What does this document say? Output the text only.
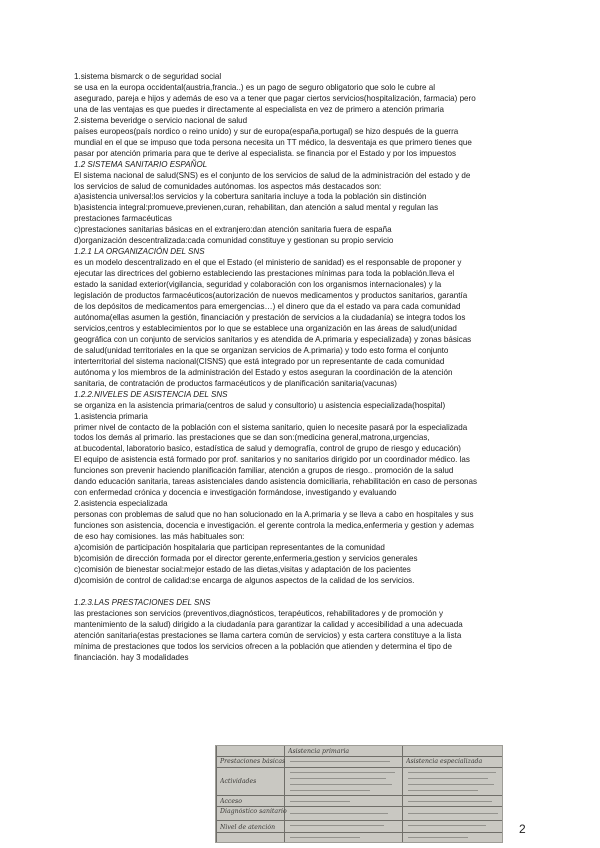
1.sistema bismarck o de seguridad social

se usa en la europa occidental(austria,francia..) es un pago de seguro obligatorio que solo le cubre al

asegurado, pareja e hijos y además de eso va a tener que pagar ciertos servicios(hospitalización, farmacia) pero

una de las ventajas es que puedes ir directamente al especialista en vez de primero a atención primaria

2.sistema beveridge o servicio nacional de salud

países europeos(país nordico o reino unido) y sur de europa(españa,portugal) se hizo después de la guerra

mundial en el que se impuso que toda persona necesita un TT médico, la desventaja es que primero tienes que

pasar por atención primaria para que te derive al especialista. se financia por el Estado y por los impuestos

1.2 SISTEMA SANITARIO ESPAÑOL

El sistema nacional de salud(SNS) es el conjunto de los servicios de salud de la administración del estado y de

los servicios de salud de comunidades autónomas. los aspectos más destacados son:

a)asistencia universal:los servicios y la cobertura sanitaria incluye a toda la población sin distinción

b)asistencia integral:promueve,previenen,curan, rehabilitan, dan atención a salud mental y regulan las

prestaciones farmacéuticas

c)prestaciones sanitarias básicas en el extranjero:dan atención sanitaria fuera de españa

d)organización descentralizada:cada comunidad constituye y gestionan su propio servicio

1.2.1 LA ORGANIZACIÓN DEL SNS

es un modelo descentralizado en el que el Estado (el ministerio de sanidad) es el responsable de proponer y

ejecutar las directrices del gobierno estableciendo las prestaciones mínimas para toda la población.lleva el

estado la sanidad exterior(vigilancia, seguridad y colaboración con los organismos internacionales) y la

legislación de productos farmacéuticos(autorización de nuevos medicamentos y productos sanitarios, garantía

de los depósitos de medicamentos para emergencias…) el dinero que da el estado va para cada comunidad

autónoma(ellas asumen la gestión, financiación y prestación de servicios a la ciudadanía) se integra todos los

servicios,centros y establecimientos por lo que se establece una organización en las áreas de salud(unidad

geográfica con un conjunto de servicios sanitarios y es atendida de A.primaria y especializada) y zonas básicas

de salud(unidad territoriales en la que se organizan servicios de A.primaria) y todo esto forma el conjunto

interterritorial del sistema nacional(CISNS) que está integrado por un representante de cada comunidad

autónoma y los miembros de la administración del Estado y estos aseguran la coordinación de la atención

sanitaria, de contratación de productos farmacéuticos y de planificación sanitaria(vacunas)

1.2.2.NIVELES DE ASISTENCIA DEL SNS

se organiza en la asistencia primaria(centros de salud y consultorio) u asistencia especializada(hospital)

1.asistencia primaria

primer nivel de contacto de la población con el sistema sanitario, quien lo necesite pasará por la especializada

todos los demás al primario. las prestaciones que se dan son:(medicina general,matrona,urgencias,

at.bucodental, laboratorio basico, estadística de salud y demografía, control de grupo de riesgo y educación)

El equipo de asistencia está formado por prof. sanitarios y no sanitarios dirigido por un coordinador médico. las

funciones son prevenir haciendo planificación familiar, atención a grupos de riesgo.. promoción de la salud

dando educación sanitaria, tareas asistenciales dando asistencia domiciliaria, rehabilitación en caso de personas

con enfermedad crónica y docencia e investigación formándose, investigando y evaluando

2.asistencia especializada

personas con problemas de salud que no han solucionado en la A.primaria y se lleva a cabo en hospitales y sus

funciones son asistencia, docencia e investigación. el gerente controla la medica,enfermeria y gestion y ademas

de eso hay comisiones. las más habituales son:

a)comisión de participación hospitalaria que participan representantes de la comunidad

b)comisión de dirección formada por el director gerente,enfermeria,gestion y servicios generales

c)comisión de bienestar social:mejor estado de las dietas,visitas y adaptación de los pacientes

d)comisión de control de calidad:se encarga de algunos aspectos de la calidad de los servicios.

1.2.3.LAS PRESTACIONES DEL SNS

las prestaciones son servicios (preventivos,diagnósticos, terapéuticos, rehabilitadores y de promoción y

mantenimiento de la salud) dirigido a la ciudadanía para garantizar la calidad y accesibilidad a una adecuada

atención sanitaria(estas prestaciones se llama cartera común de servicios) y esta cartera constituye a la lista

mínima de prestaciones que todos los servicios ofrecen a la población que atienden y determina el tipo de

financiación. hay 3 modalidades

Asistencia primaria
Prestaciones básicas	Asistencia especializada
Actividades
Acceso
Diagnóstico sanitario
Nivel de atención	2
